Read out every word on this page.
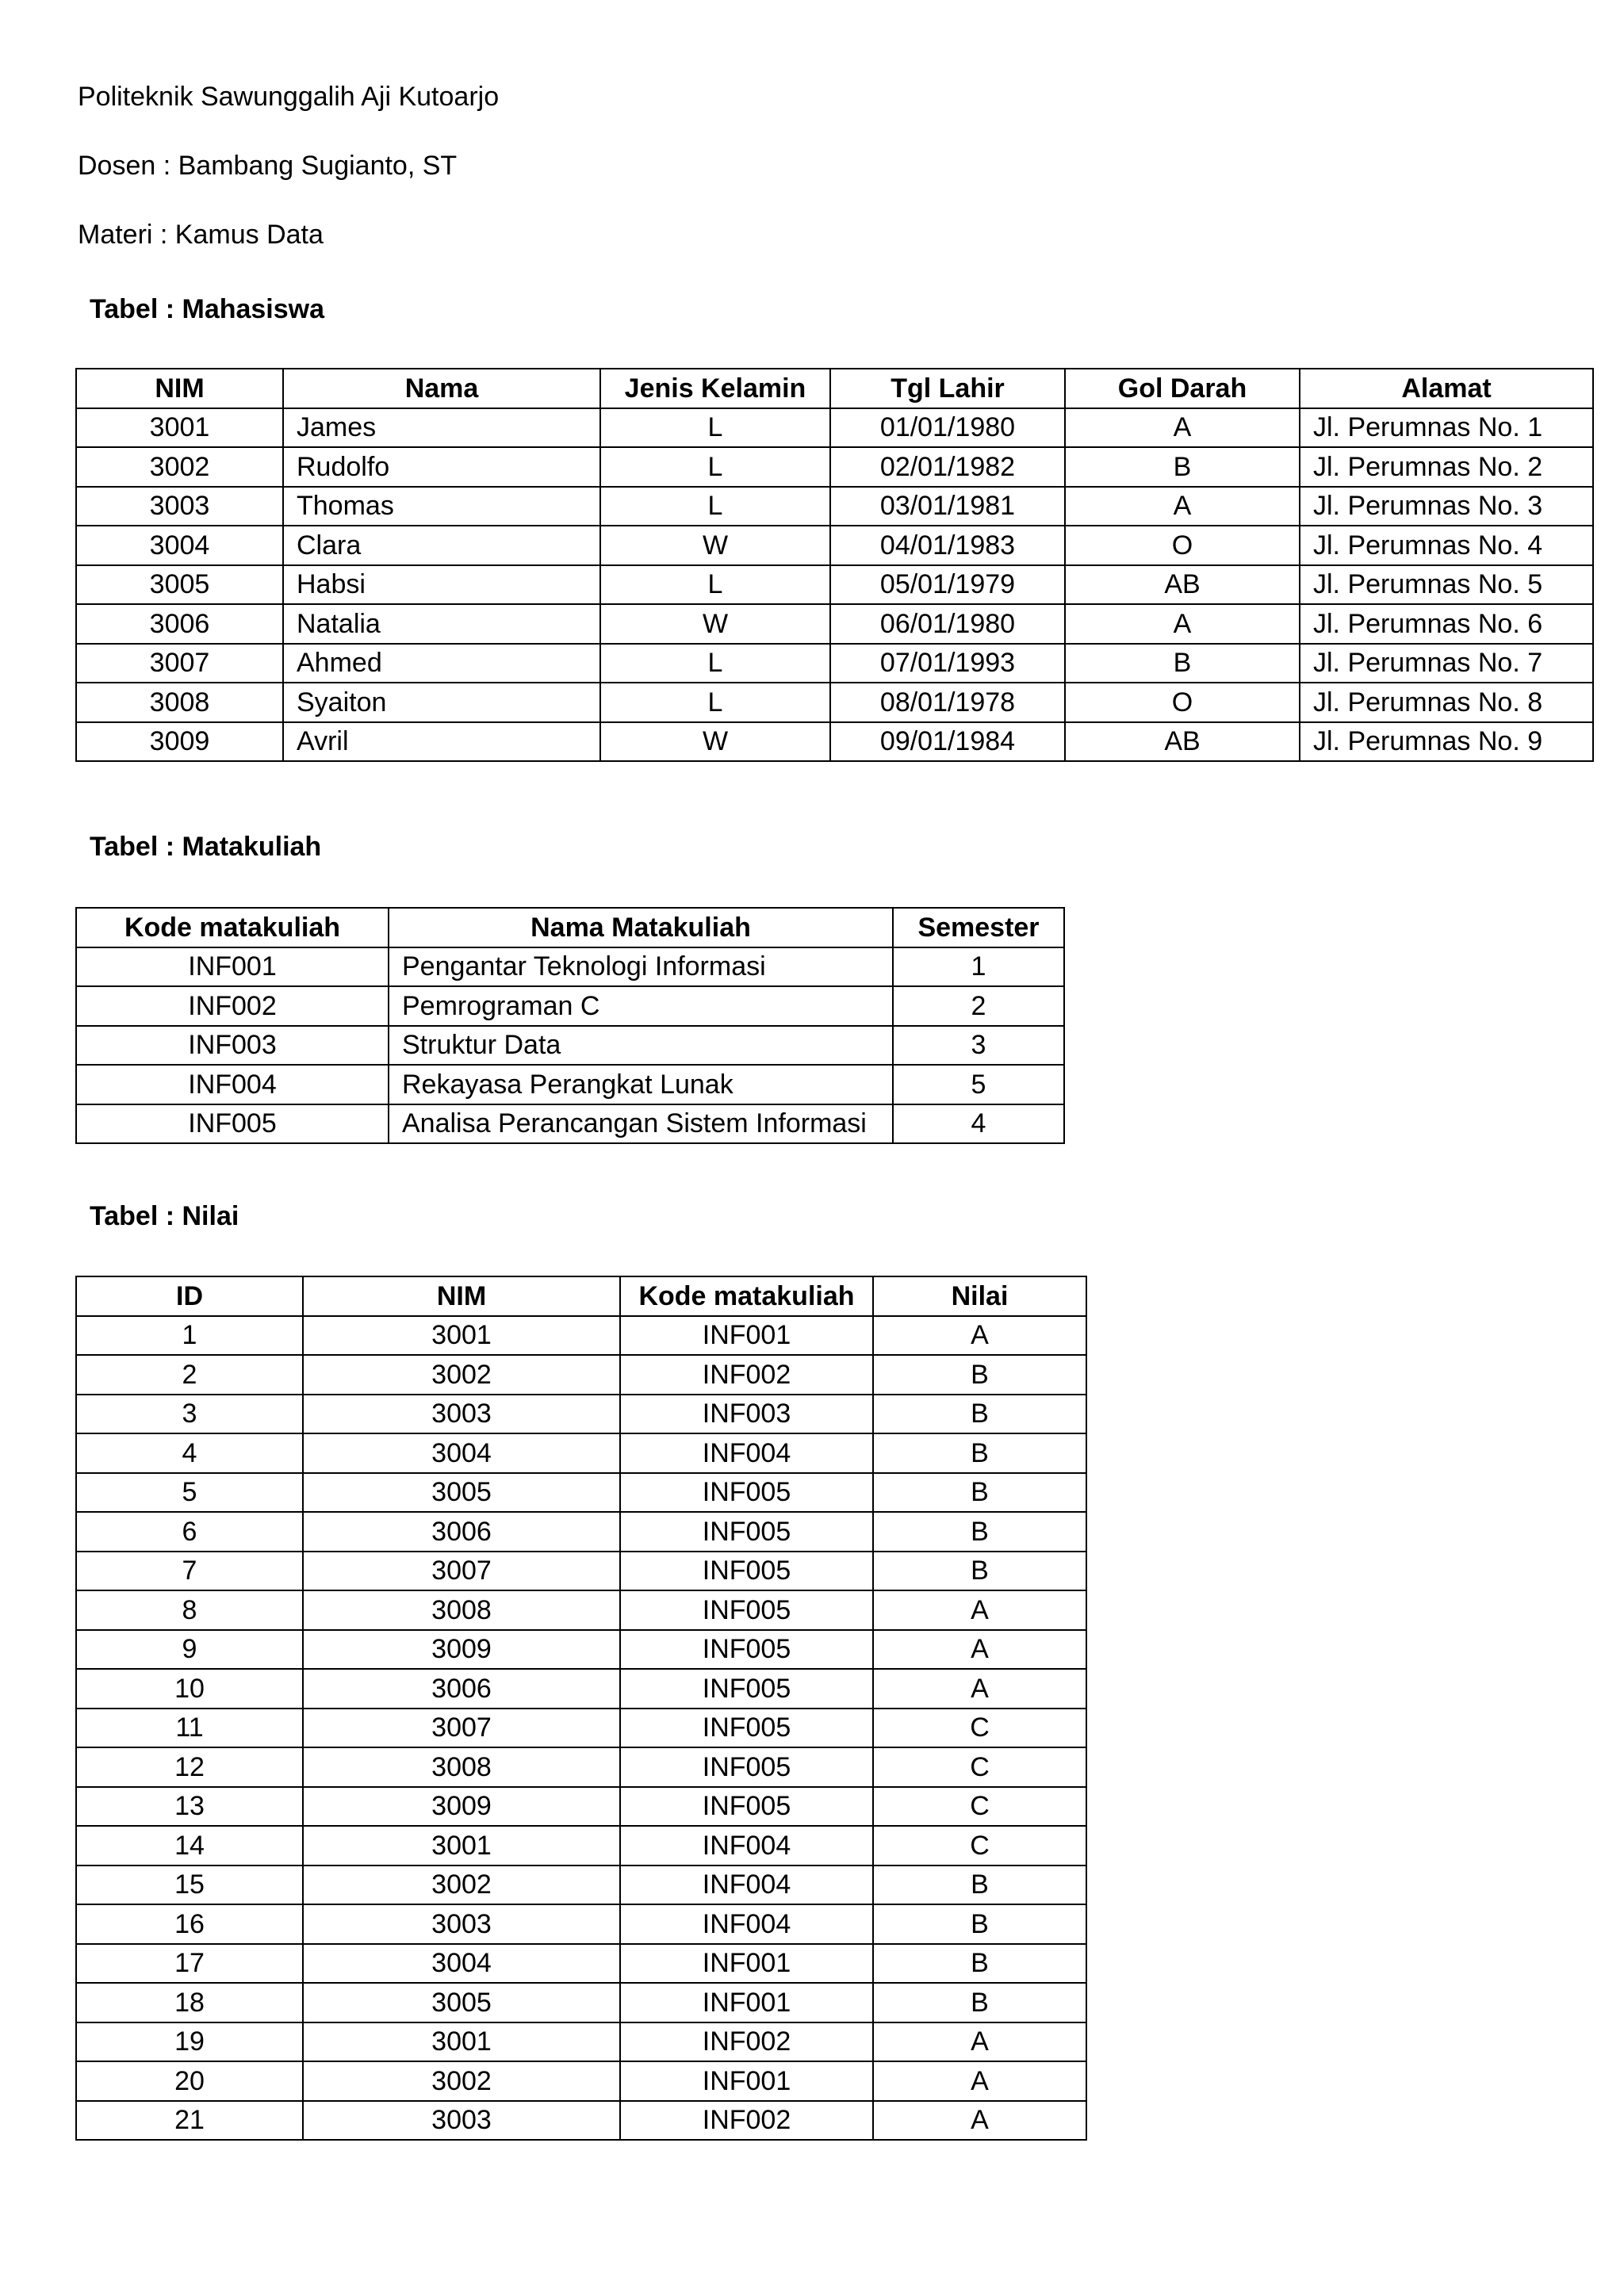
Politeknik Sawunggalih Aji Kutoarjo
Dosen : Bambang Sugianto, ST
Materi : Kamus Data
Tabel : Mahasiswa
NIM	Nama	Jenis Kelamin	Tgl Lahir	Gol Darah	Alamat
3001	James	L	01/01/1980	A	Jl. Perumnas No. 1
3002	Rudolfo	L	02/01/1982	B	Jl. Perumnas No. 2
3003	Thomas	L	03/01/1981	A	Jl. Perumnas No. 3
3004	Clara	W	04/01/1983	O	Jl. Perumnas No. 4
3005	Habsi	L	05/01/1979	AB	Jl. Perumnas No. 5
3006	Natalia	W	06/01/1980	A	Jl. Perumnas No. 6
3007	Ahmed	L	07/01/1993	B	Jl. Perumnas No. 7
3008	Syaiton	L	08/01/1978	O	Jl. Perumnas No. 8
3009	Avril	W	09/01/1984	AB	Jl. Perumnas No. 9
Tabel : Matakuliah
Kode matakuliah	Nama Matakuliah	Semester
INF001	Pengantar Teknologi Informasi	1
INF002	Pemrograman C	2
INF003	Struktur Data	3
INF004	Rekayasa Perangkat Lunak	5
INF005	Analisa Perancangan Sistem Informasi	4
Tabel : Nilai
ID	NIM	Kode matakuliah	Nilai
1	3001	INF001	A
2	3002	INF002	B
3	3003	INF003	B
4	3004	INF004	B
5	3005	INF005	B
6	3006	INF005	B
7	3007	INF005	B
8	3008	INF005	A
9	3009	INF005	A
10	3006	INF005	A
11	3007	INF005	C
12	3008	INF005	C
13	3009	INF005	C
14	3001	INF004	C
15	3002	INF004	B
16	3003	INF004	B
17	3004	INF001	B
18	3005	INF001	B
19	3001	INF002	A
20	3002	INF001	A
21	3003	INF002	A
